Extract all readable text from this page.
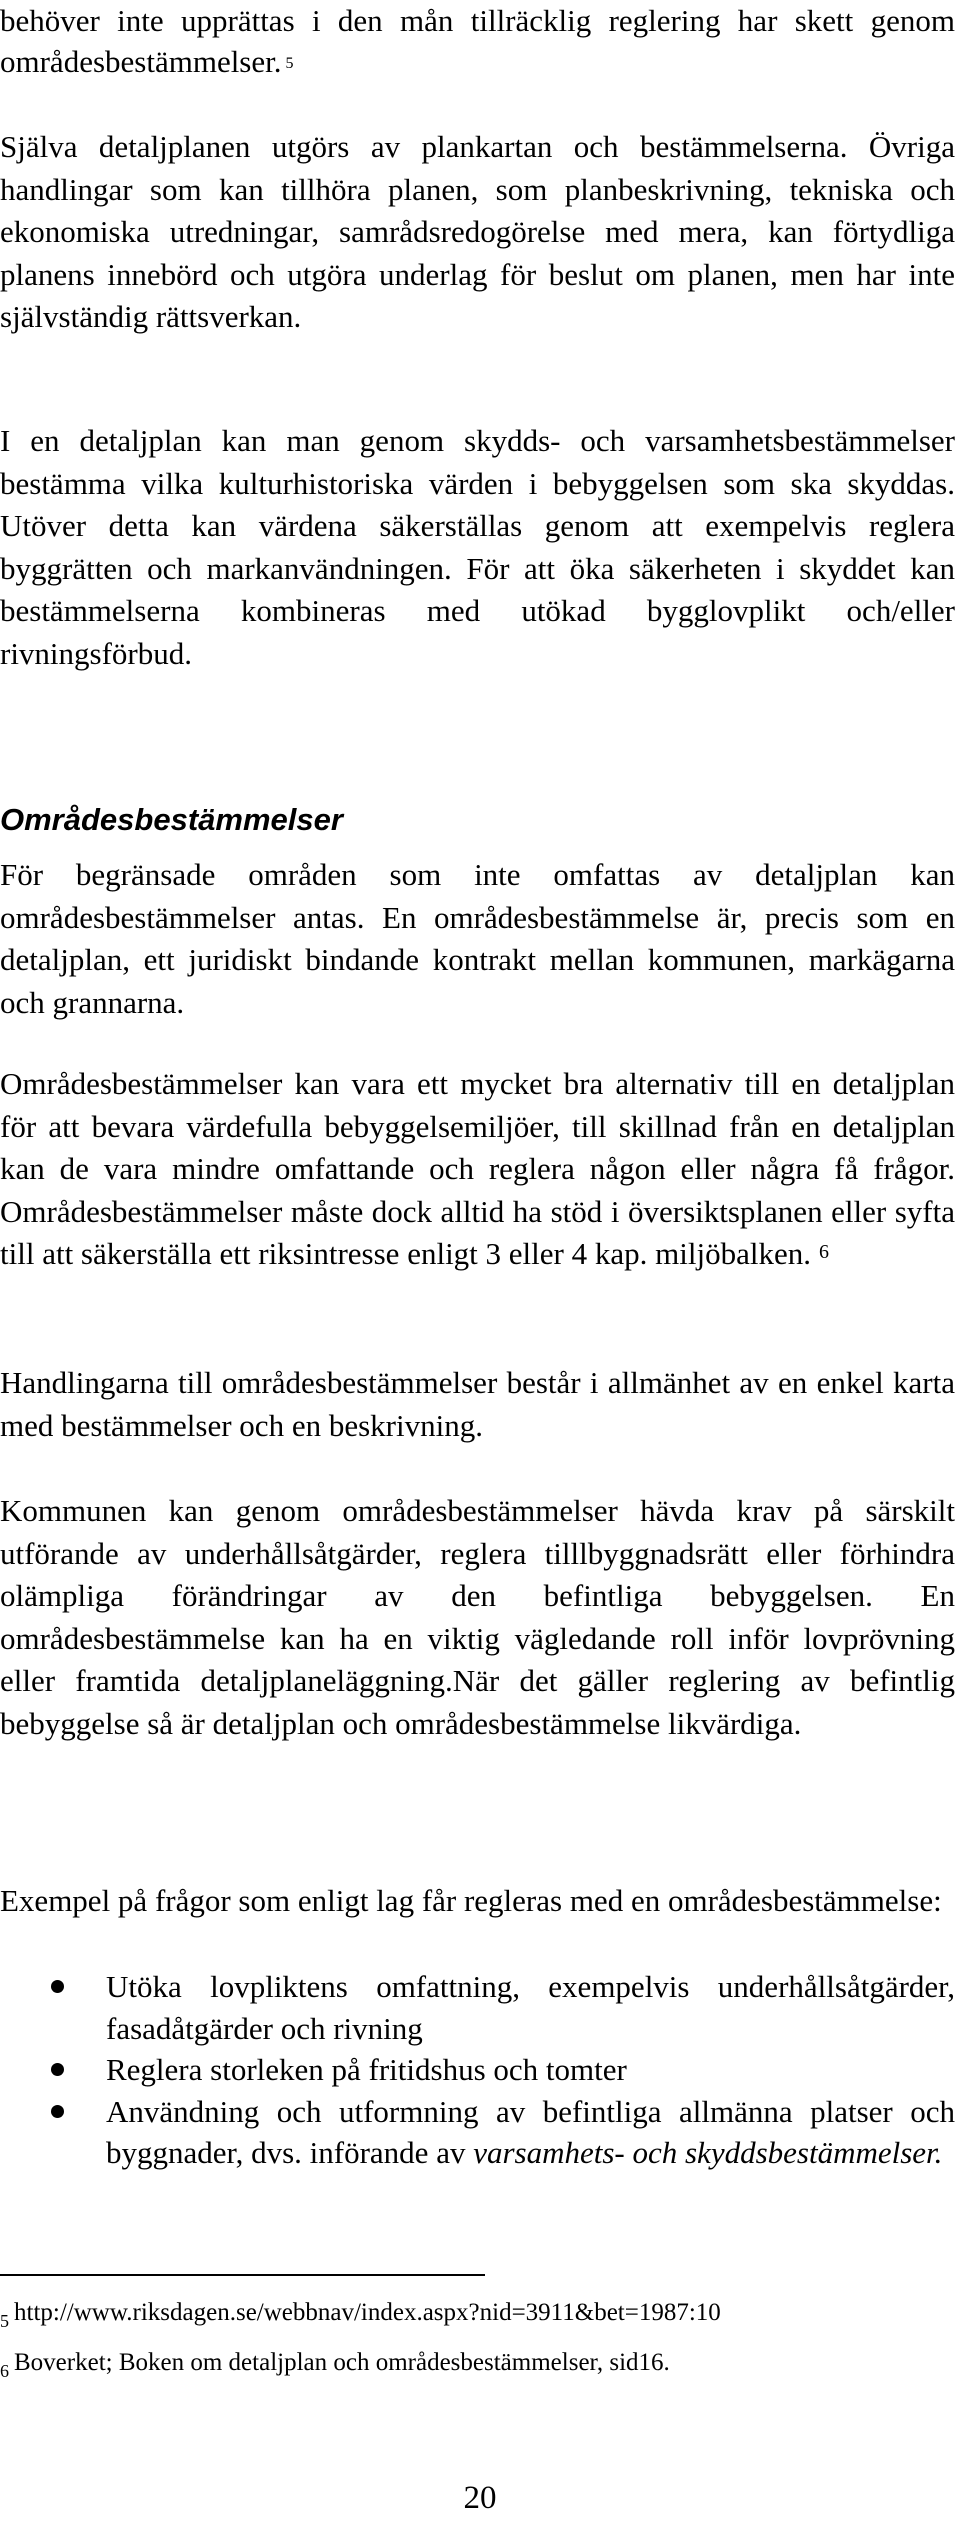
behöver inte upprättas i den mån tillräcklig reglering har skett genom områdesbestämmelser. $^5$

Själva detaljplanen utgörs av plankartan och bestämmelserna. Övriga handlingar som kan tillhöra planen, som planbeskrivning, tekniska och ekonomiska utredningar, samrådsredogörelse med mera, kan förtydliga planens innebörd och utgöra underlag för beslut om planen, men har inte självständig rättsverkan.

I en detaljplan kan man genom skydds- och varsamhetsbestämmelser bestämma vilka kulturhistoriska värden i bebyggelsen som ska skyddas. Utöver detta kan värdena säkerställas genom att exempelvis reglera byggrätten och markanvändningen. För att öka säkerheten i skyddet kan bestämmelserna kombineras med utökad bygglovplikt och/eller rivningsförbud.

Områdesbestämmelser

För begränsade områden som inte omfattas av detaljplan kan områdesbestämmelser antas. En områdesbestämmelse är, precis som en detaljplan, ett juridiskt bindande kontrakt mellan kommunen, markägarna och grannarna.

Områdesbestämmelser kan vara ett mycket bra alternativ till en detaljplan för att bevara värdefulla bebyggelsemiljöer, till skillnad från en detaljplan kan de vara mindre omfattande och reglera någon eller några få frågor. Områdesbestämmelser måste dock alltid ha stöd i översiktsplanen eller syfta till att säkerställa ett riksintresse enligt 3 eller 4 kap. miljöbalken. $^6$

Handlingarna till områdesbestämmelser består i allmänhet av en enkel karta med bestämmelser och en beskrivning.

Kommunen kan genom områdesbestämmelser hävda krav på särskilt utförande av underhållsåtgärder, reglera tilllbyggnadsrätt eller förhindra olämpliga förändringar av den befintliga bebyggelsen. En områdesbestämmelse kan ha en viktig vägledande roll inför lovprövning eller framtida detaljplaneläggning.När det gäller reglering av befintlig bebyggelse så är detaljplan och områdesbestämmelse likvärdiga.

Exempel på frågor som enligt lag får regleras med en områdesbestämmelse:

Utöka lovpliktens omfattning, exempelvis underhållsåtgärder, fasadåtgärder och rivning
Reglera storleken på fritidshus och tomter
Användning och utformning av befintliga allmänna platser och byggnader, dvs. införande av varsamhets- och skyddsbestämmelser.

5 http://www.riksdagen.se/webbnav/index.aspx?nid=3911&bet=1987:10

6 Boverket; Boken om detaljplan och områdesbestämmelser, sid16.

20
